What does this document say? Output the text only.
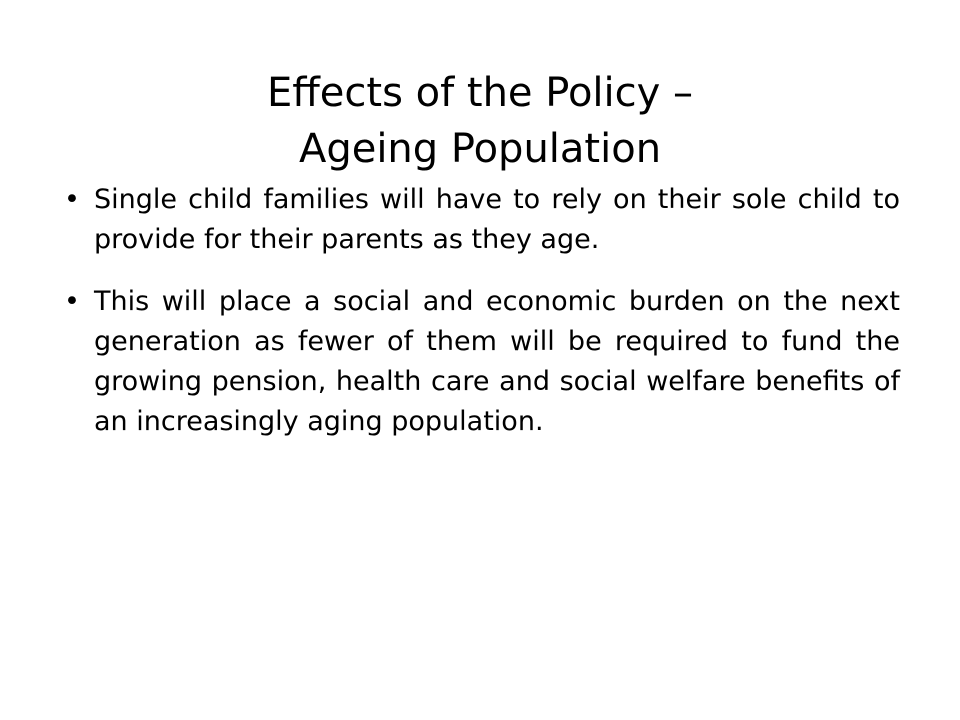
Effects of the Policy –
Ageing Population
• Single child families will have to rely on their sole child to provide for their parents as they age.
• This will place a social and economic burden on the next generation as fewer of them will be required to fund the growing pension, health care and social welfare benefits of an increasingly aging population.
